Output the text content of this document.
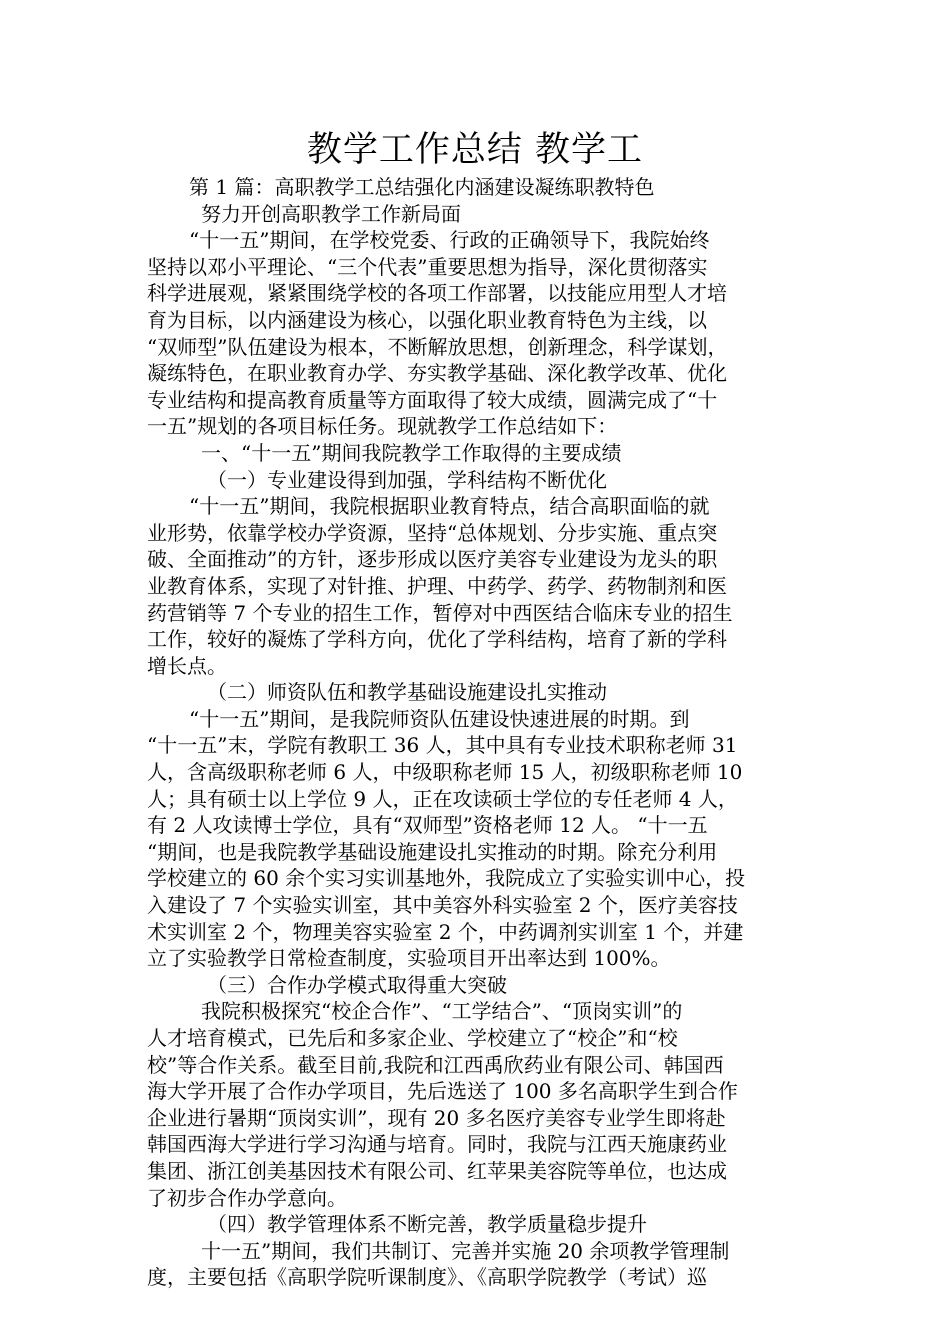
教学工作总结 教学工
第 1 篇：高职教学工总结强化内涵建设凝练职教特色
努力开创高职教学工作新局面
“十一五”期间，在学校党委、行政的正确领导下，我院始终
坚持以邓小平理论、“三个代表”重要思想为指导，深化贯彻落实
科学进展观，紧紧围绕学校的各项工作部署，以技能应用型人才培
育为目标，以内涵建设为核心，以强化职业教育特色为主线，以
“双师型”队伍建设为根本，不断解放思想，创新理念，科学谋划，
凝练特色，在职业教育办学、夯实教学基础、深化教学改革、优化
专业结构和提高教育质量等方面取得了较大成绩，圆满完成了“十
一五”规划的各项目标任务。现就教学工作总结如下：
一、“十一五”期间我院教学工作取得的主要成绩
（一）专业建设得到加强，学科结构不断优化
“十一五”期间，我院根据职业教育特点，结合高职面临的就
业形势，依靠学校办学资源，坚持“总体规划、分步实施、重点突
破、全面推动”的方针，逐步形成以医疗美容专业建设为龙头的职
业教育体系，实现了对针推、护理、中药学、药学、药物制剂和医
药营销等 7 个专业的招生工作，暂停对中西医结合临床专业的招生
工作，较好的凝炼了学科方向，优化了学科结构，培育了新的学科
增长点。
（二）师资队伍和教学基础设施建设扎实推动
“十一五”期间，是我院师资队伍建设快速进展的时期。到
“十一五”末，学院有教职工 36 人，其中具有专业技术职称老师 31
人，含高级职称老师 6 人，中级职称老师 15 人，初级职称老师 10
人；具有硕士以上学位 9 人，正在攻读硕士学位的专任老师 4 人，
有 2 人攻读博士学位，具有“双师型”资格老师 12 人。 “十一五
“期间，也是我院教学基础设施建设扎实推动的时期。除充分利用
学校建立的 60 余个实习实训基地外，我院成立了实验实训中心，投
入建设了 7 个实验实训室，其中美容外科实验室 2 个，医疗美容技
术实训室 2 个，物理美容实验室 2 个，中药调剂实训室 1 个，并建
立了实验教学日常检查制度，实验项目开出率达到 100%。
（三）合作办学模式取得重大突破
我院积极探究“校企合作”、“工学结合”、“顶岗实训”的
人才培育模式，已先后和多家企业、学校建立了“校企”和“校
校”等合作关系。截至目前,我院和江西禹欣药业有限公司、韩国西
海大学开展了合作办学项目，先后选送了 100 多名高职学生到合作
企业进行暑期“顶岗实训”，现有 20 多名医疗美容专业学生即将赴
韩国西海大学进行学习沟通与培育。同时，我院与江西天施康药业
集团、浙江创美基因技术有限公司、红苹果美容院等单位，也达成
了初步合作办学意向。
（四）教学管理体系不断完善，教学质量稳步提升
十一五”期间，我们共制订、完善并实施 20 余项教学管理制
度，主要包括《高职学院听课制度》、《高职学院教学（考试）巡
